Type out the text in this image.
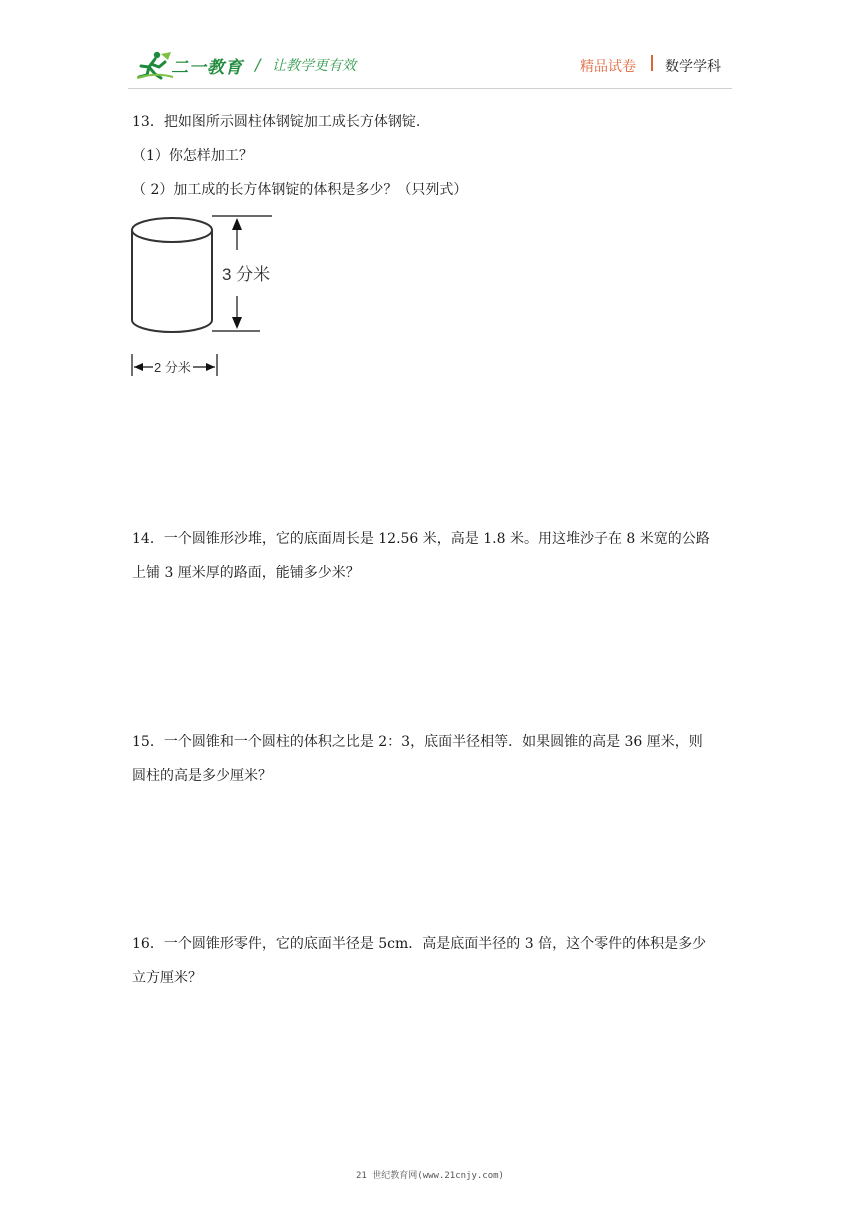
二一教育 / 让教学更有效	精品试卷 数学学科
13．把如图所示圆柱体钢锭加工成长方体钢锭.
（1）你怎样加工？
（ 2）加工成的长方体钢锭的体积是多少？（只列式）
3 分米
2 分米
14．一个圆锥形沙堆，它的底面周长是 12.56 米，高是 1.8 米。用这堆沙子在 8 米宽的公路
上铺 3 厘米厚的路面，能铺多少米？
15．一个圆锥和一个圆柱的体积之比是 2：3，底面半径相等．如果圆锥的高是 36 厘米，则
圆柱的高是多少厘米？
16．一个圆锥形零件，它的底面半径是 5cm．高是底面半径的 3 倍，这个零件的体积是多少
立方厘米？
21 世纪教育网(www.21cnjy.com)
